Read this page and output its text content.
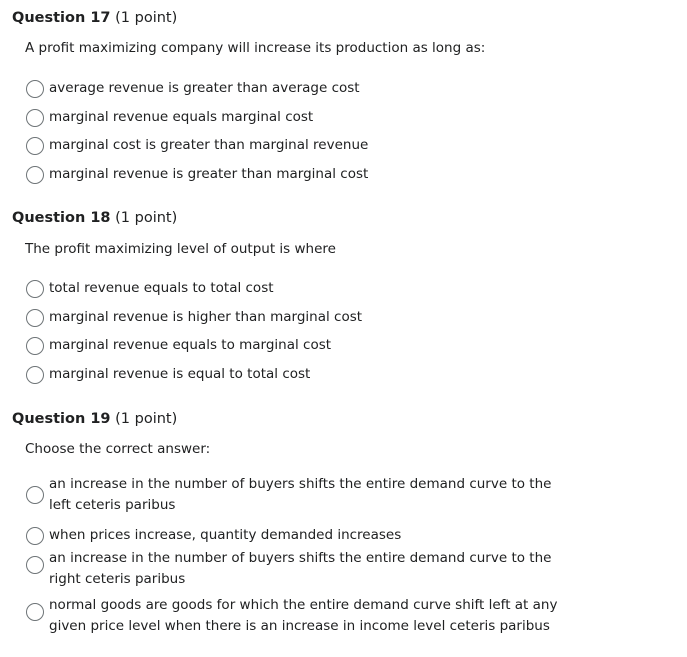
Question 17 (1 point)
A profit maximizing company will increase its production as long as:
average revenue is greater than average cost
marginal revenue equals marginal cost
marginal cost is greater than marginal revenue
marginal revenue is greater than marginal cost
Question 18 (1 point)
The profit maximizing level of output is where
total revenue equals to total cost
marginal revenue is higher than marginal cost
marginal revenue equals to marginal cost
marginal revenue is equal to total cost
Question 19 (1 point)
Choose the correct answer:
an increase in the number of buyers shifts the entire demand curve to the left ceteris paribus
when prices increase, quantity demanded increases
an increase in the number of buyers shifts the entire demand curve to the right ceteris paribus
normal goods are goods for which the entire demand curve shift left at any given price level when there is an increase in income level ceteris paribus
